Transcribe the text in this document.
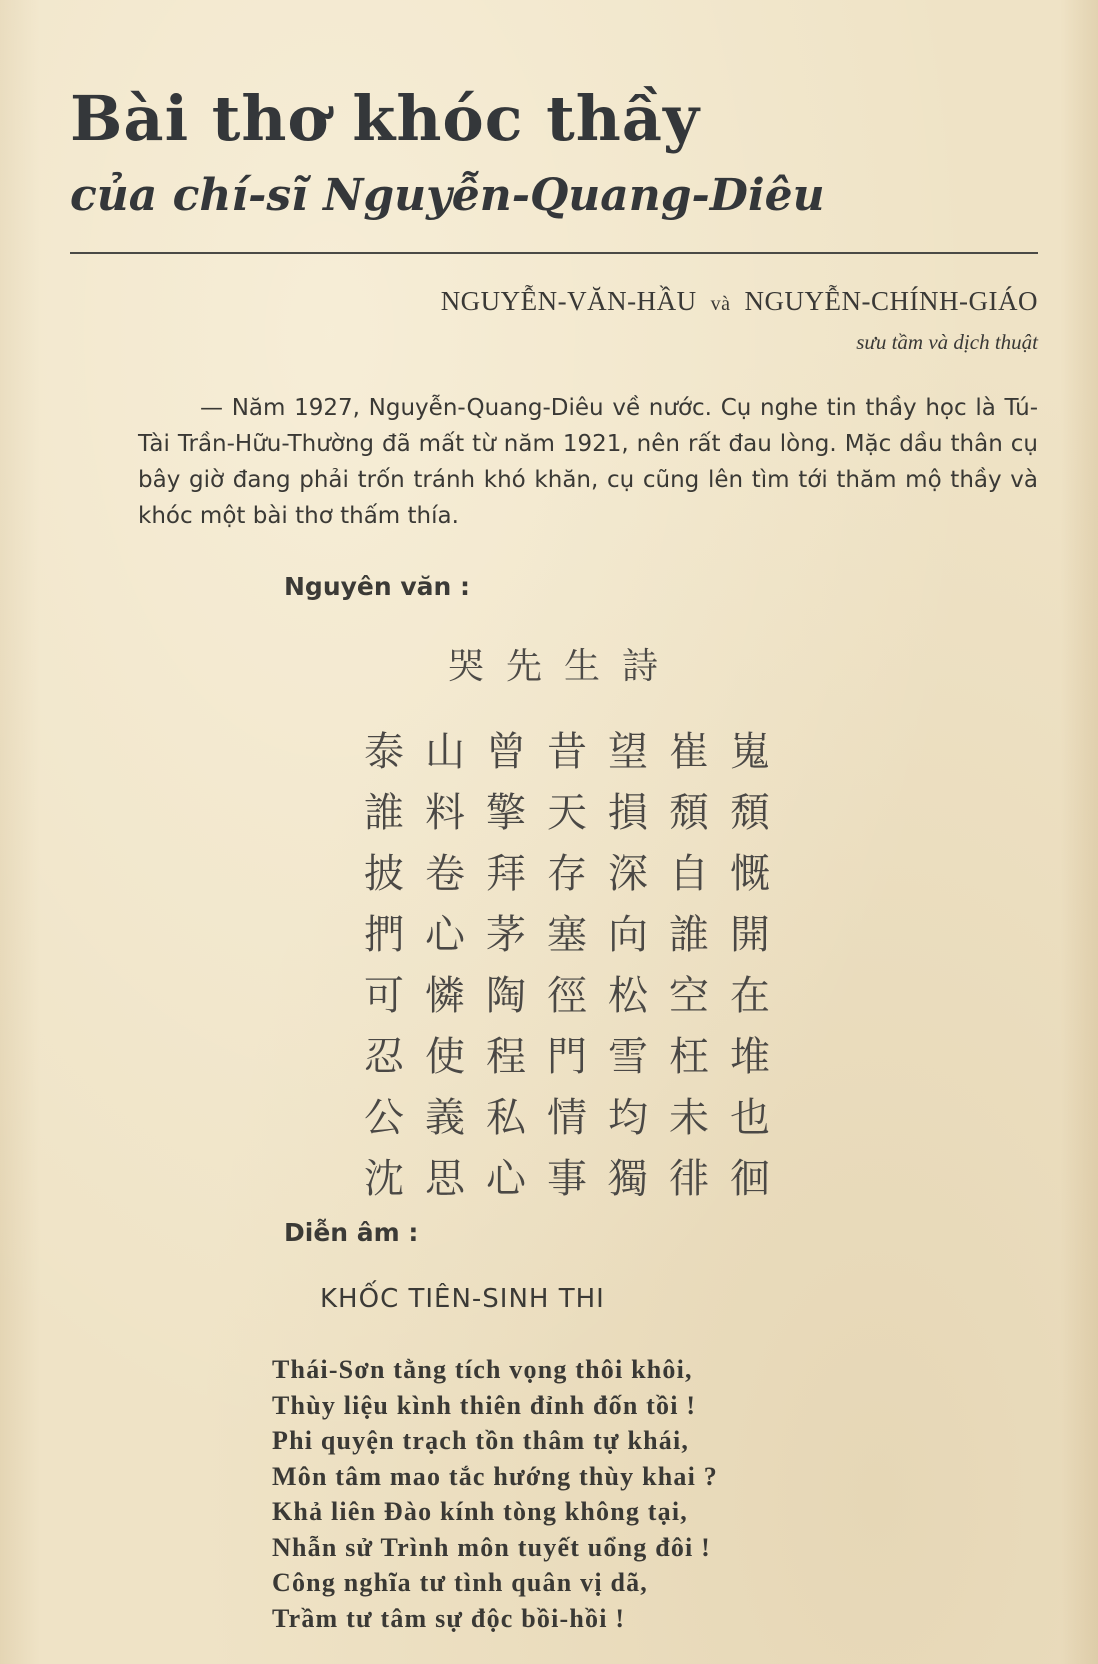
Bài thơ khóc thầy
của chí-sĩ Nguyễn-Quang-Diêu
NGUYỄN-VĂN-HẦU và NGUYỄN-CHÍNH-GIÁO
sưu tầm và dịch thuật

— Năm 1927, Nguyễn-Quang-Diêu về nước. Cụ nghe tin thầy học là Tú-Tài Trần-Hữu-Thường đã mất từ năm 1921, nên rất đau lòng. Mặc dầu thân cụ bây giờ đang phải trốn tránh khó khăn, cụ cũng lên tìm tới thăm mộ thầy và khóc một bài thơ thấm thía.

Nguyên văn :
哭先生詩
泰山曾昔望崔嵬
誰料擎天損頹頹
披卷拜存深自慨
捫心茅塞向誰開
可憐陶徑松空在
忍使程門雪枉堆
公義私情均未也
沈思心事獨徘徊
Diễn âm :
KHỐC TIÊN-SINH THI
Thái-Sơn tằng tích vọng thôi khôi,
Thùy liệu kình thiên đỉnh đốn tồi !
Phi quyện trạch tồn thâm tự khái,
Môn tâm mao tắc hướng thùy khai ?
Khả liên Đào kính tòng không tại,
Nhẫn sử Trình môn tuyết uổng đôi !
Công nghĩa tư tình quân vị dã,
Trầm tư tâm sự độc bồi-hồi !
